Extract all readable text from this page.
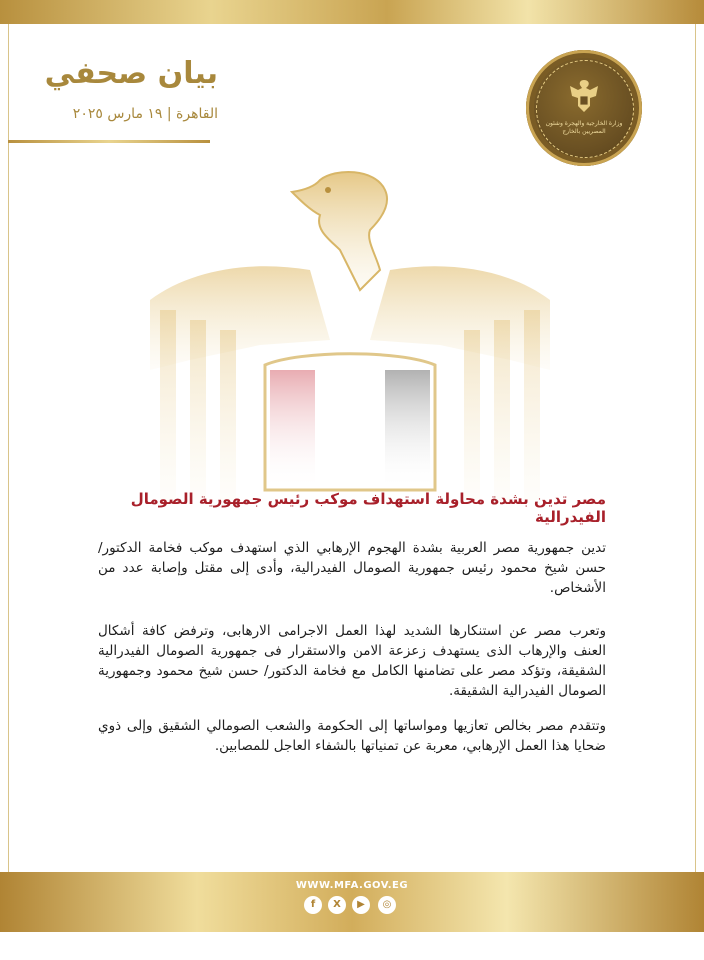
وزارة الخارجية والهجرة وشئون المصريين بالخارج
بيان صحفي
القاهرة | ١٩ مارس ٢٠٢٥
مصر تدين بشدة محاولة استهداف موكب رئيس جمهورية الصومال الفيدرالية
تدين جمهورية مصر العربية بشدة الهجوم الإرهابي الذي استهدف موكب فخامة الدكتور/ حسن شيخ محمود رئيس جمهورية الصومال الفيدرالية، وأدى إلى مقتل وإصابة عدد من الأشخاص.
وتعرب مصر عن استنكارها الشديد لهذا العمل الاجرامى الارهابى، وترفض كافة أشكال العنف والإرهاب الذى يستهدف زعزعة الامن والاستقرار فى جمهورية الصومال الفيدرالية الشقيقة، وتؤكد مصر على تضامنها الكامل مع فخامة الدكتور/ حسن شيخ محمود وجمهورية الصومال الفيدرالية الشقيقة.
وتتقدم مصر بخالص تعازيها ومواساتها إلى الحكومة والشعب الصومالي الشقيق وإلى ذوي ضحايا هذا العمل الإرهابي، معربة عن تمنياتها بالشفاء العاجل للمصابين.
WWW.MFA.GOV.EG
f	X	▶	◎
